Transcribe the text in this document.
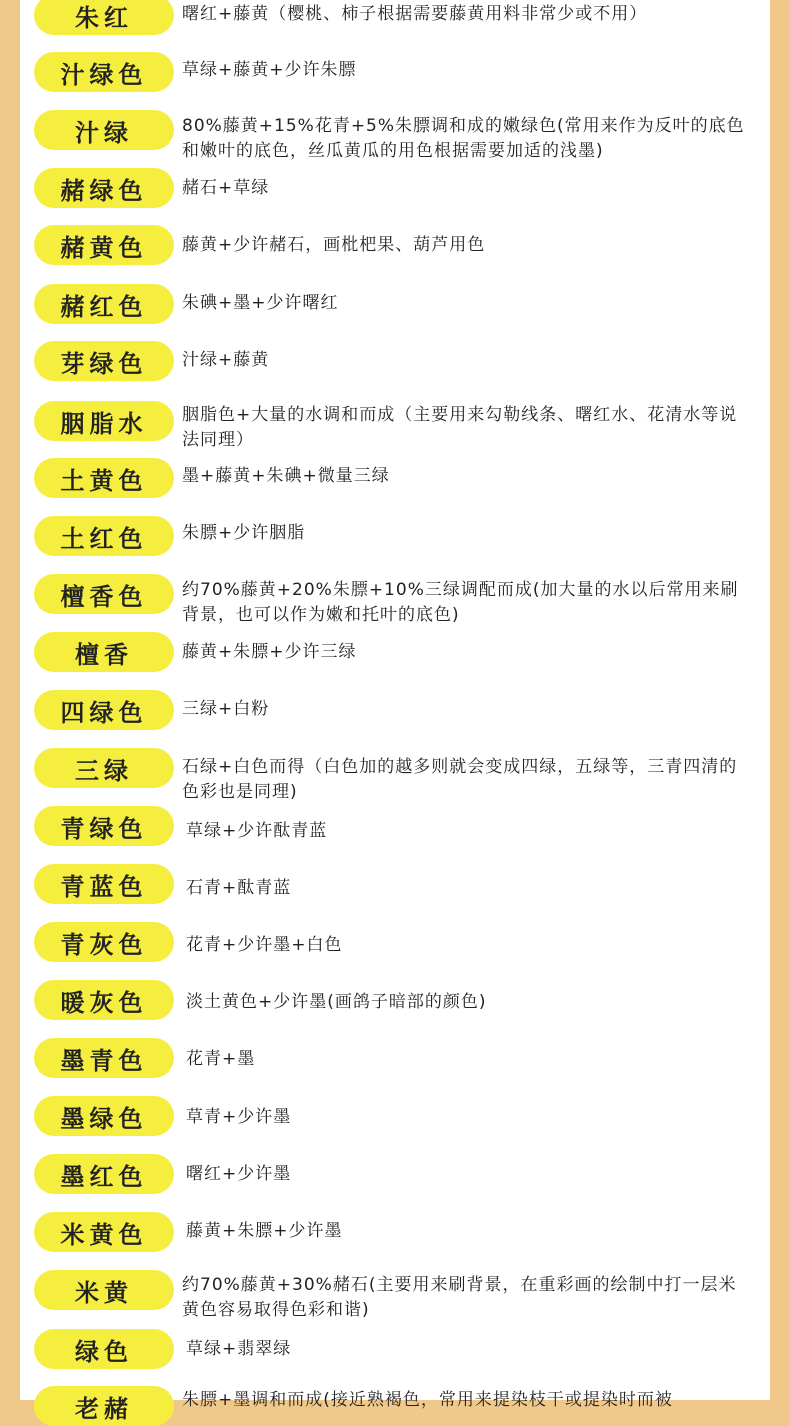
朱红	曙红+藤黄（樱桃、柿子根据需要藤黄用料非常少或不用）
汁绿色	草绿+藤黄+少许朱膘
汁绿	80%藤黄+15%花青+5%朱膘调和成的嫩绿色(常用来作为反叶的底色和嫩叶的底色，丝瓜黄瓜的用色根据需要加适的浅墨)
赭绿色	赭石+草绿
赭黄色	藤黄+少许赭石，画枇杷果、葫芦用色
赭红色	朱碘+墨+少许曙红
芽绿色	汁绿+藤黄
胭脂水	胭脂色+大量的水调和而成（主要用来勾勒线条、曙红水、花清水等说法同理）
土黄色	墨+藤黄+朱碘+微量三绿
土红色	朱膘+少许胭脂
檀香色	约70%藤黄+20%朱膘+10%三绿调配而成(加大量的水以后常用来刷背景，也可以作为嫩和托叶的底色)
檀香	藤黄+朱膘+少许三绿
四绿色	三绿+白粉
三绿	石绿+白色而得（白色加的越多则就会变成四绿，五绿等，三青四清的色彩也是同理)
青绿色	草绿+少许酞青蓝
青蓝色	石青+酞青蓝
青灰色	花青+少许墨+白色
暖灰色	淡土黄色+少许墨(画鸽子暗部的颜色)
墨青色	花青+墨
墨绿色	草青+少许墨
墨红色	曙红+少许墨
米黄色	藤黄+朱膘+少许墨
米黄	约70%藤黄+30%赭石(主要用来刷背景，在重彩画的绘制中打一层米黄色容易取得色彩和谐)
绿色	草绿+翡翠绿
老赭	朱膘+墨调和而成(接近熟褐色，常用来提染枝干或提染时而被
